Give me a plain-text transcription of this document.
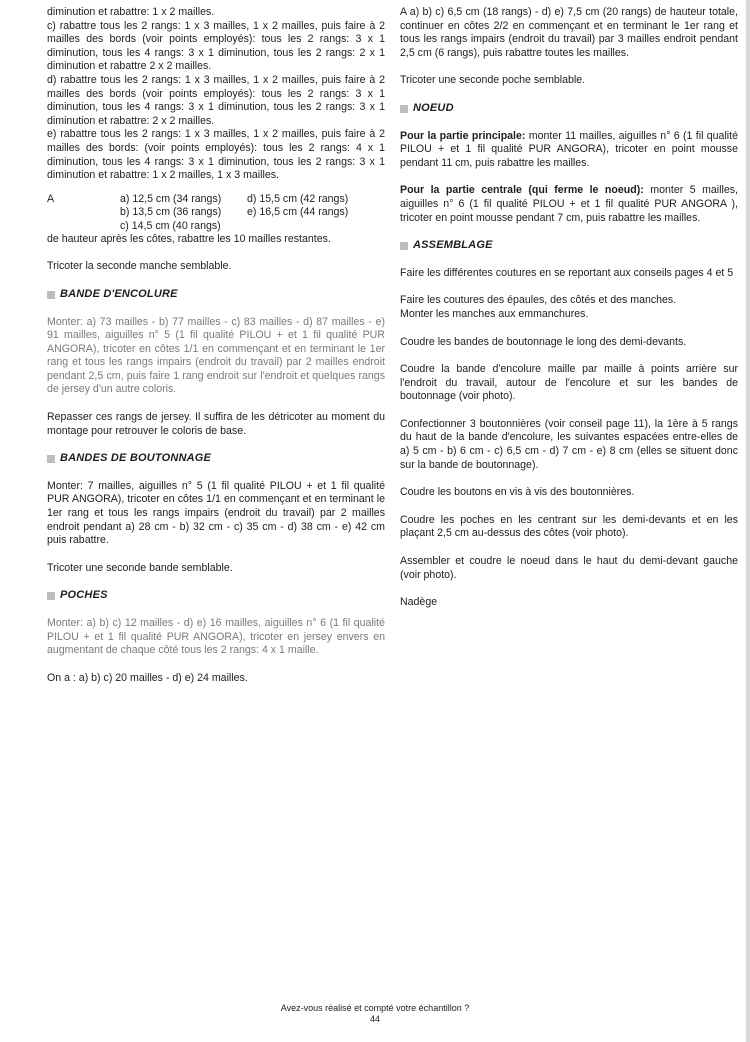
diminution et rabattre: 1 x 2 mailles.

c) rabattre tous les 2 rangs: 1 x 3 mailles, 1 x 2 mailles, puis faire à 2 mailles des bords (voir points employés): tous les 2 rangs: 3 x 1 diminution, tous les 4 rangs: 3 x 1 diminution, tous les 2 rangs: 2 x 1 diminution et rabattre 2 x 2 mailles.

d) rabattre tous les 2 rangs: 1 x 3 mailles, 1 x 2 mailles, puis faire à 2 mailles des bords (voir points employés): tous les 2 rangs: 3 x 1 diminution, tous les 4 rangs: 3 x 1 diminution, tous les 2 rangs: 3 x 1 diminution et rabattre: 2 x 2 mailles.

e) rabattre tous les 2 rangs: 1 x 3 mailles, 1 x 2 mailles, puis faire à 2 mailles des bords: (voir points employés): tous les 2 rangs: 4 x 1 diminution, tous les 4 rangs: 3 x 1 diminution, tous les 2 rangs: 3 x 1 diminution et rabattre: 1 x 2 mailles, 1 x 3 mailles.

A	a) 12,5 cm (34 rangs)
b) 13,5 cm (36 rangs)
c) 14,5 cm (40 rangs)
d) 15,5 cm (42 rangs)
e) 16,5 cm (44 rangs)

de hauteur après les côtes, rabattre les 10 mailles restantes.

Tricoter la seconde manche semblable.

BANDE D'ENCOLURE

Monter: a) 73 mailles - b) 77 mailles - c) 83 mailles - d) 87 mailles - e) 91 mailles, aiguilles n° 5 (1 fil qualité PILOU + et 1 fil qualité PUR ANGORA), tricoter en côtes 1/1 en commençant et en terminant le 1er rang et tous les rangs impairs (endroit du travail) par 2 mailles endroit pendant 2,5 cm, puis faire 1 rang endroit sur l'endroit et quelques rangs de jersey d'un autre coloris.

Repasser ces rangs de jersey. Il suffira de les détricoter au moment du montage pour retrouver le coloris de base.

BANDES DE BOUTONNAGE

Monter: 7 mailles, aiguilles n° 5 (1 fil qualité PILOU + et 1 fil qualité PUR ANGORA), tricoter en côtes 1/1 en commençant et en terminant le 1er rang et tous les rangs impairs (endroit du travail) par 2 mailles endroit pendant a) 28 cm - b) 32 cm - c) 35 cm - d) 38 cm - e) 42 cm puis rabattre.

Tricoter une seconde bande semblable.

POCHES

Monter: a) b) c) 12 mailles - d) e) 16 mailles, aiguilles n° 6 (1 fil qualité PILOU + et 1 fil qualité PUR ANGORA), tricoter en jersey envers en augmentant de chaque côté tous les 2 rangs: 4 x 1 maille.

On a : a) b) c) 20 mailles - d) e) 24 mailles.

A a) b) c) 6,5 cm (18 rangs) - d) e) 7,5 cm (20 rangs) de hauteur totale, continuer en côtes 2/2 en commençant et en terminant le 1er rang et tous les rangs impairs (endroit du travail) par 3 mailles endroit pendant 2,5 cm (6 rangs), puis rabattre toutes les mailles.

Tricoter une seconde poche semblable.

NOEUD

Pour la partie principale: monter 11 mailles, aiguilles n° 6 (1 fil qualité PILOU + et 1 fil qualité PUR ANGORA), tricoter en point mousse pendant 11 cm, puis rabattre les mailles.

Pour la partie centrale (qui ferme le noeud): monter 5 mailles, aiguilles n° 6 (1 fil qualité PILOU + et 1 fil qualité PUR ANGORA ), tricoter en point mousse pendant 7 cm, puis rabattre les mailles.

ASSEMBLAGE

Faire les différentes coutures en se reportant aux conseils pages 4 et 5

Faire les coutures des épaules, des côtés et des manches.

Monter les manches aux emmanchures.

Coudre les bandes de boutonnage le long des demi-devants.

Coudre la bande d'encolure maille par maille à points arrière sur l'endroit du travail, autour de l'encolure et sur les bandes de boutonnage (voir photo).

Confectionner 3 boutonnières (voir conseil page 11), la 1ère à 5 rangs du haut de la bande d'encolure, les suivantes espacées entre-elles de a) 5 cm - b) 6 cm - c) 6,5 cm - d) 7 cm - e) 8 cm (elles se situent donc sur la bande de boutonnage).

Coudre les boutons en vis à vis des boutonnières.

Coudre les poches en les centrant sur les demi-devants et en les plaçant 2,5 cm au-dessus des côtes (voir photo).

Assembler et coudre le noeud dans le haut du demi-devant gauche (voir photo).

Nadège

Avez-vous réalisé et compté votre échantillon ?
44
